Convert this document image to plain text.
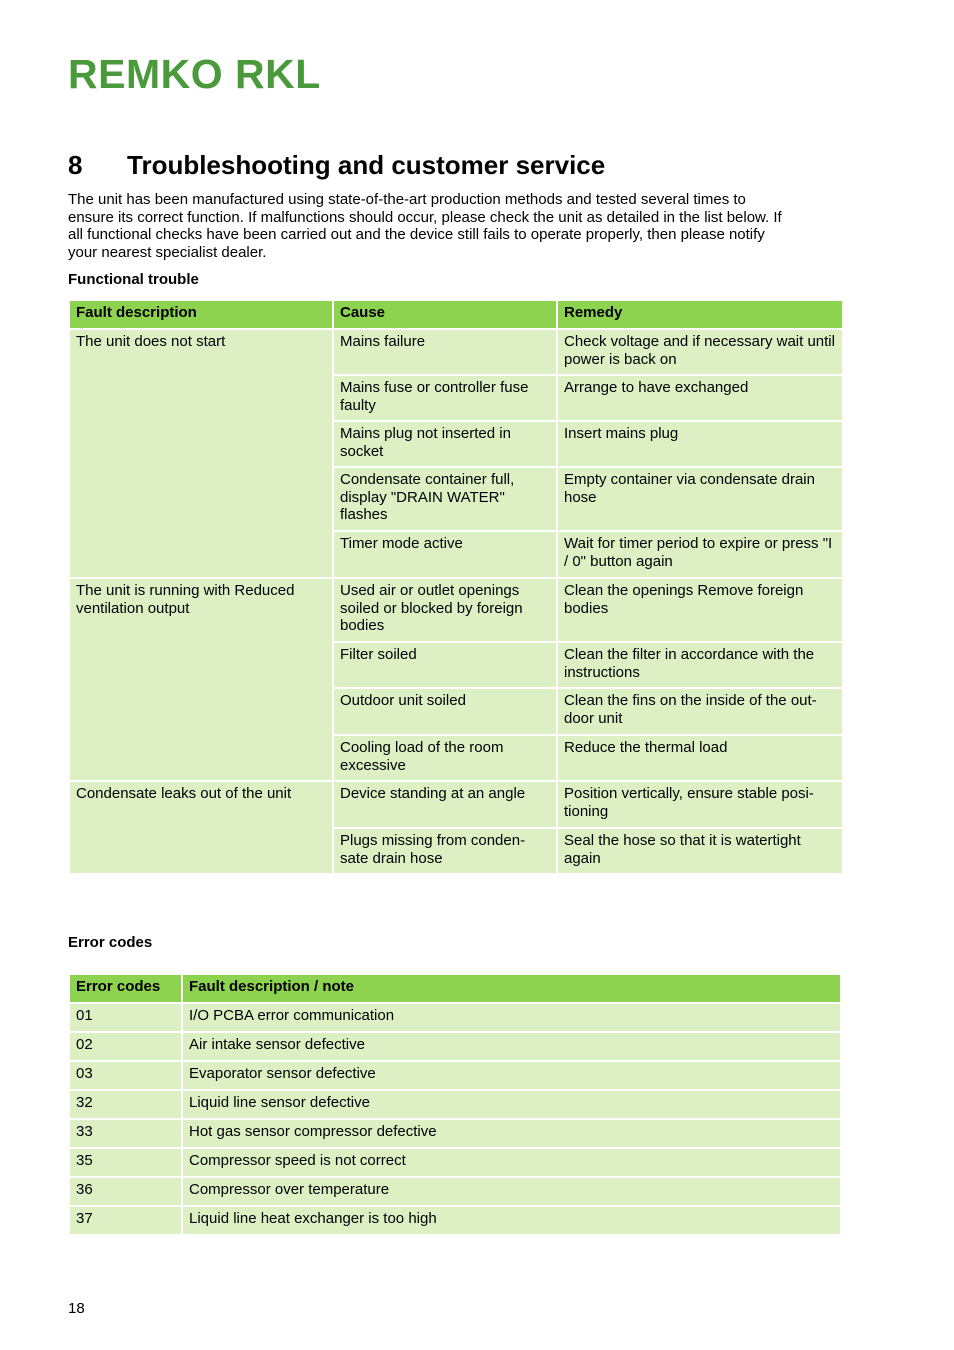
REMKO RKL
8 Troubleshooting and customer service

The unit has been manufactured using state-of-the-art production methods and tested several times to

ensure its correct function. If malfunctions should occur, please check the unit as detailed in the list below. If

all functional checks have been carried out and the device still fails to operate properly, then please notify

your nearest specialist dealer.

Functional trouble
Fault description	Cause	Remedy
The unit does not start	Mains failure	Check voltage and if necessary wait until power is back on
	Mains fuse or controller fuse faulty	Arrange to have exchanged
	Mains plug not inserted in socket	Insert mains plug
	Condensate container full, display "DRAIN WATER" flashes	Empty container via condensate drain hose
	Timer mode active	Wait for timer period to expire or press "I / 0" button again
The unit is running with Reduced ventilation output	Used air or outlet openings soiled or blocked by foreign bodies	Clean the openings Remove foreign bodies
	Filter soiled	Clean the filter in accordance with the instructions
	Outdoor unit soiled	Clean the fins on the inside of the out-door unit
	Cooling load of the room excessive	Reduce the thermal load
Condensate leaks out of the unit	Device standing at an angle	Position vertically, ensure stable posi-tioning
	Plugs missing from conden-sate drain hose	Seal the hose so that it is watertight again
Error codes
Error codes	Fault description / note
01	I/O PCBA error communication
02	Air intake sensor defective
03	Evaporator sensor defective
32	Liquid line sensor defective
33	Hot gas sensor compressor defective
35	Compressor speed is not correct
36	Compressor over temperature
37	Liquid line heat exchanger is too high
18
